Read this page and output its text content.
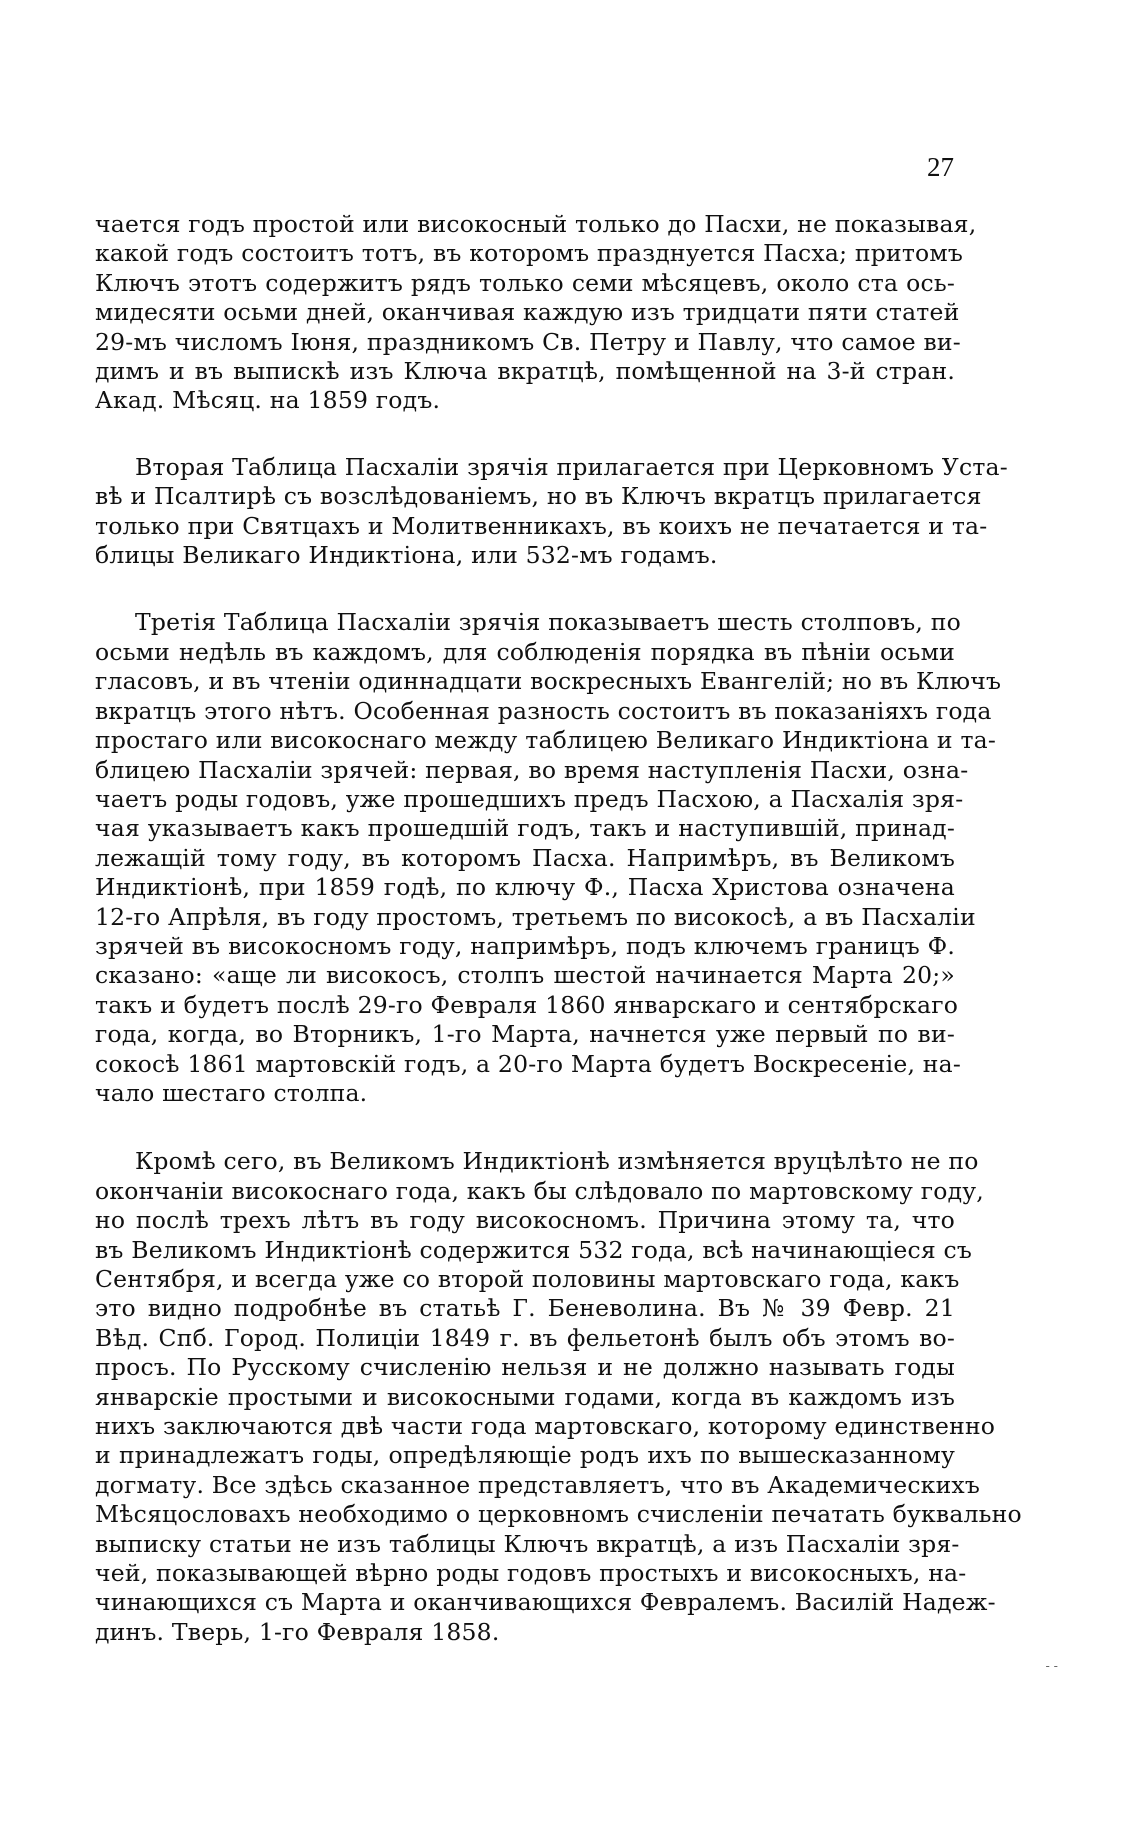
27

чается годъ простой или високосный только до Пасхи, не показывая,
какой годъ состоитъ тотъ, въ которомъ празднуется Пасха; притомъ
Ключъ этотъ содержитъ рядъ только семи мѣсяцевъ, около ста ось-
мидесяти осьми дней, оканчивая каждую изъ тридцати пяти статей
29-мъ числомъ Іюня, праздникомъ Св. Петру и Павлу, что самое ви-
димъ и въ выпискѣ изъ Ключа вкратцѣ, помѣщенной на 3-й стран.
Акад. Мѣсяц. на 1859 годъ.

Вторая Таблица Пасхаліи зрячія прилагается при Церковномъ Уста-
вѣ и Псалтирѣ съ возслѣдованіемъ, но въ Ключъ вкратцъ прилагается
только при Святцахъ и Молитвенникахъ, въ коихъ не печатается и та-
блицы Великаго Индиктіона, или 532-мъ годамъ.

Третія Таблица Пасхаліи зрячія показываетъ шесть столповъ, по
осьми недѣль въ каждомъ, для соблюденія порядка въ пѣніи осьми
гласовъ, и въ чтеніи одиннадцати воскресныхъ Евангелій; но въ Ключъ
вкратцъ этого нѣтъ. Особенная разность состоитъ въ показаніяхъ года
простаго или високоснаго между таблицею Великаго Индиктіона и та-
блицею Пасхаліи зрячей: первая, во время наступленія Пасхи, озна-
чаетъ роды годовъ, уже прошедшихъ предъ Пасхою, а Пасхалія зря-
чая указываетъ какъ прошедшій годъ, такъ и наступившій, принад-
лежащій тому году, въ которомъ Пасха. Напримѣръ, въ Великомъ
Индиктіонѣ, при 1859 годѣ, по ключу Ф., Пасха Христова означена
12-го Апрѣля, въ году простомъ, третьемъ по високосѣ, а въ Пасхаліи
зрячей въ високосномъ году, напримѣръ, подъ ключемъ границъ Ф.
сказано: «аще ли високосъ, столпъ шестой начинается Марта 20;»
такъ и будетъ послѣ 29-го Февраля 1860 январскаго и сентябрскаго
года, когда, во Вторникъ, 1-го Марта, начнется уже первый по ви-
сокосѣ 1861 мартовскій годъ, а 20-го Марта будетъ Воскресеніе, на-
чало шестаго столпа.

Кромѣ сего, въ Великомъ Индиктіонѣ измѣняется вруцѣлѣто не по
окончаніи високоснаго года, какъ бы слѣдовало по мартовскому году,
но послѣ трехъ лѣтъ въ году високосномъ. Причина этому та, что
въ Великомъ Индиктіонѣ содержится 532 года, всѣ начинающіеся съ
Сентября, и всегда уже со второй половины мартовскаго года, какъ
это видно подробнѣе въ статьѣ Г. Беневолина. Въ № 39 Февр. 21
Вѣд. Спб. Город. Полиціи 1849 г. въ фельетонѣ былъ объ этомъ во-
просъ. По Русскому счисленію нельзя и не должно называть годы
январскіе простыми и високосными годами, когда въ каждомъ изъ
нихъ заключаются двѣ части года мартовскаго, которому единственно
и принадлежатъ годы, опредѣляющіе родъ ихъ по вышесказанному
догмату. Все здѣсь сказанное представляетъ, что въ Академическихъ
Мѣсяцословахъ необходимо о церковномъ счисленіи печатать буквально
выписку статьи не изъ таблицы Ключъ вкратцѣ, а изъ Пасхаліи зря-
чей, показывающей вѣрно роды годовъ простыхъ и високосныхъ, на-
чинающихся съ Марта и оканчивающихся Февралемъ. Василій Надеж-
динъ. Тверь, 1-го Февраля 1858.

- -
